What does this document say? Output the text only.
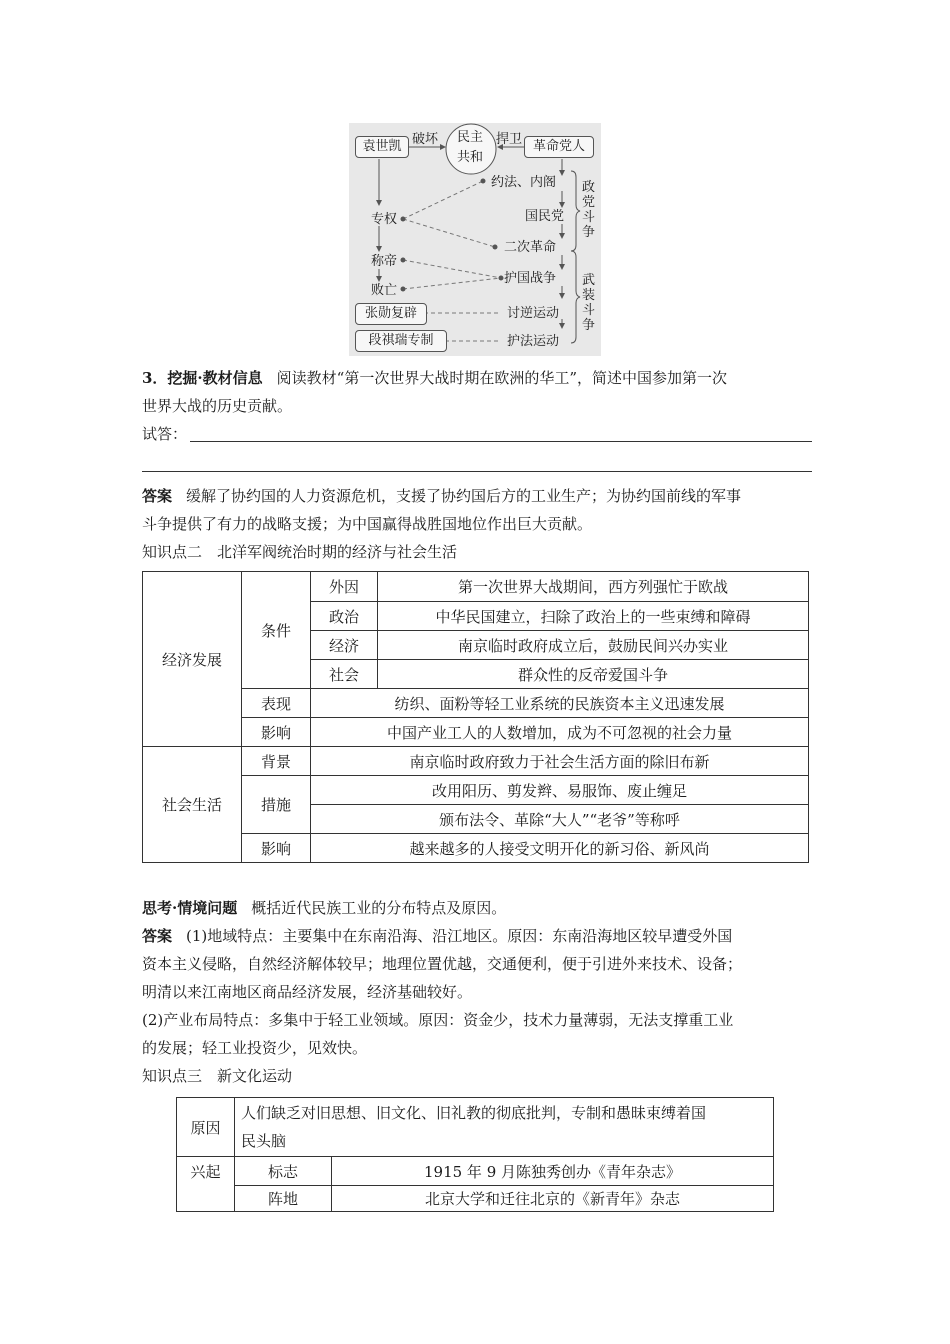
袁世凯 破坏 民主
共和
捍卫 革命党人
约法、内阁
国民党
专权
二次革命
称帝
护国战争
败亡
张勋复辟	讨逆运动
段祺瑞专制	护法运动
政党斗争
武装斗争
3．挖掘·教材信息 阅读教材“第一次世界大战时期在欧洲的华工”，简述中国参加第一次
世界大战的历史贡献。
试答：
答案 缓解了协约国的人力资源危机，支援了协约国后方的工业生产；为协约国前线的军事
斗争提供了有力的战略支援；为中国赢得战胜国地位作出巨大贡献。
知识点二　北洋军阀统治时期的经济与社会生活
经济发展	条件	外因	第一次世界大战期间，西方列强忙于欧战
		政治	中华民国建立，扫除了政治上的一些束缚和障碍
		经济	南京临时政府成立后，鼓励民间兴办实业
		社会	群众性的反帝爱国斗争
	表现	纺织、面粉等轻工业系统的民族资本主义迅速发展	
	影响	中国产业工人的人数增加，成为不可忽视的社会力量	
社会生活	背景	南京临时政府致力于社会生活方面的除旧布新	
	措施	改用阳历、剪发辫、易服饰、废止缠足	
		颁布法令、革除“大人”“老爷”等称呼	
	影响	越来越多的人接受文明开化的新习俗、新风尚	
思考·情境问题 概括近代民族工业的分布特点及原因。
答案 (1)地域特点：主要集中在东南沿海、沿江地区。原因：东南沿海地区较早遭受外国
资本主义侵略，自然经济解体较早；地理位置优越，交通便利，便于引进外来技术、设备；
明清以来江南地区商品经济发展，经济基础较好。
(2)产业布局特点：多集中于轻工业领域。原因：资金少，技术力量薄弱，无法支撑重工业
的发展；轻工业投资少，见效快。
知识点三　新文化运动
原因	人们缺乏对旧思想、旧文化、旧礼教的彻底批判，专制和愚昧束缚着国
民头脑	
兴起	标志	1915 年 9 月陈独秀创办《青年杂志》
	阵地	北京大学和迁往北京的《新青年》杂志
